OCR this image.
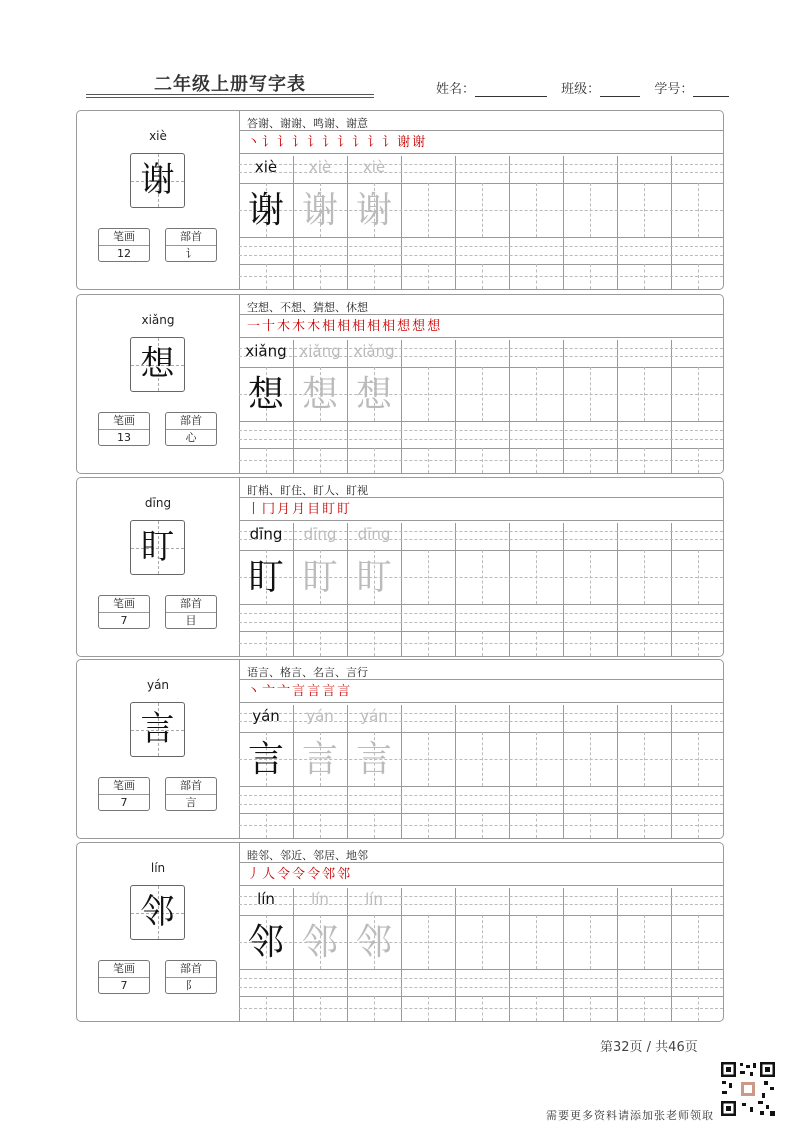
二年级上册写字表	姓名：	班级：	学号：
xiè
谢
笔画
12
部首
讠
答谢、谢谢、鸣谢、谢意
丶讠讠讠讠讠讠讠讠讠谢谢
xiè
谢
xiè
谢
xiè
谢
xiǎng
想
笔画
13
部首
心
空想、不想、猜想、休想
一十木木木相相相相相想想想
xiǎng
想
xiǎng
想
xiǎng
想
dīng
盯
笔画
7
部首
目
盯梢、盯住、盯人、盯视
丨冂月月目盯盯
dīng
盯
dīng
盯
dīng
盯
yán
言
笔画
7
部首
言
语言、格言、名言、言行
丶亠亠言言言言
yán
言
yán
言
yán
言
lín
邻
笔画
7
部首
阝
睦邻、邻近、邻居、地邻
丿人令令令邻邻
lín
邻
lín
邻
lín
邻
第32页 / 共46页
需要更多资料请添加张老师领取
